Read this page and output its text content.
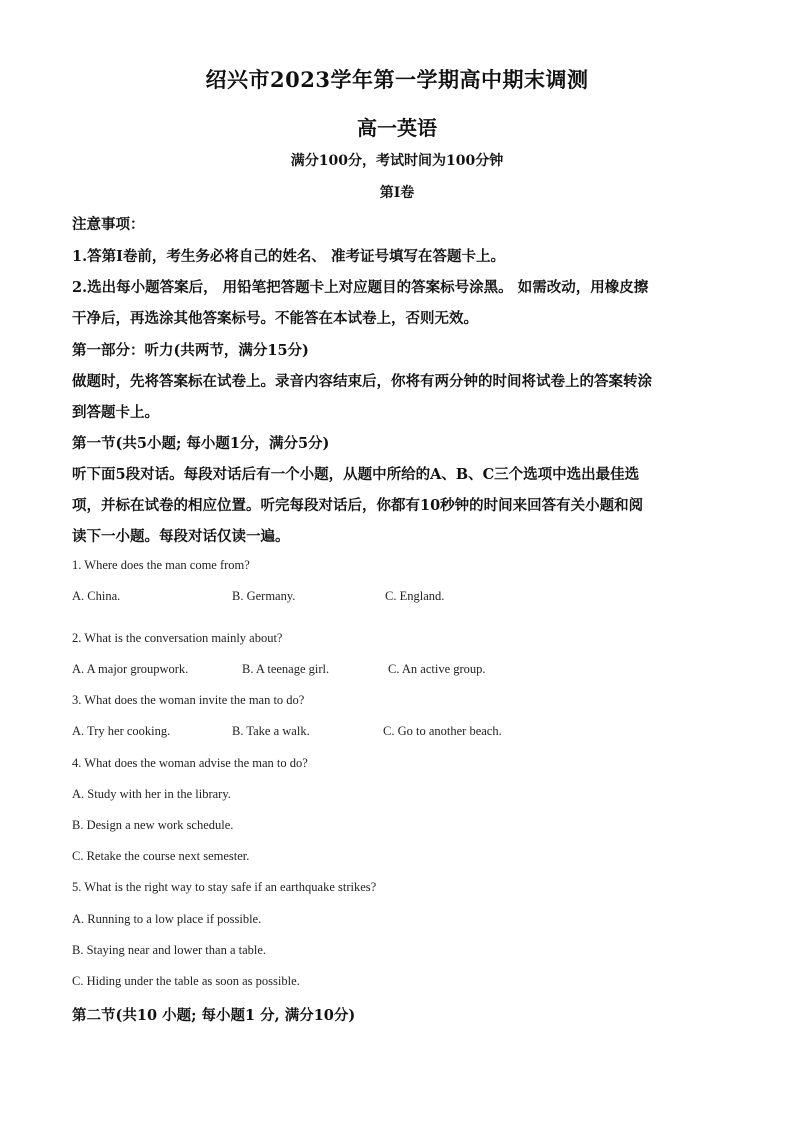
绍兴市2023学年第一学期高中期末调测
高一英语
满分100分，考试时间为100分钟
第I卷
注意事项：
1.答第I卷前，考生务必将自己的姓名、 准考证号填写在答题卡上。
2.选出每小题答案后， 用铅笔把答题卡上对应题目的答案标号涂黑。 如需改动，用橡皮擦
干净后，再选涂其他答案标号。不能答在本试卷上，否则无效。
第一部分：听力(共两节，满分15分)
做题时，先将答案标在试卷上。录音内容结束后，你将有两分钟的时间将试卷上的答案转涂
到答题卡上。
第一节(共5小题; 每小题1分，满分5分)
听下面5段对话。每段对话后有一个小题，从题中所给的A、B、C三个选项中选出最佳选
项，并标在试卷的相应位置。听完每段对话后，你都有10秒钟的时间来回答有关小题和阅
读下一小题。每段对话仅读一遍。
1. Where does the man come from?
A. China.	B. Germany.	C. England.
2. What is the conversation mainly about?
A. A major groupwork.	B. A teenage girl.	C. An active group.
3. What does the woman invite the man to do?
A. Try her cooking.	B. Take a walk.	C. Go to another beach.
4. What does the woman advise the man to do?
A. Study with her in the library.
B. Design a new work schedule.
C. Retake the course next semester.
5. What is the right way to stay safe if an earthquake strikes?
A. Running to a low place if possible.
B. Staying near and lower than a table.
C. Hiding under the table as soon as possible.
第二节(共10 小题; 每小题1 分, 满分10分)
